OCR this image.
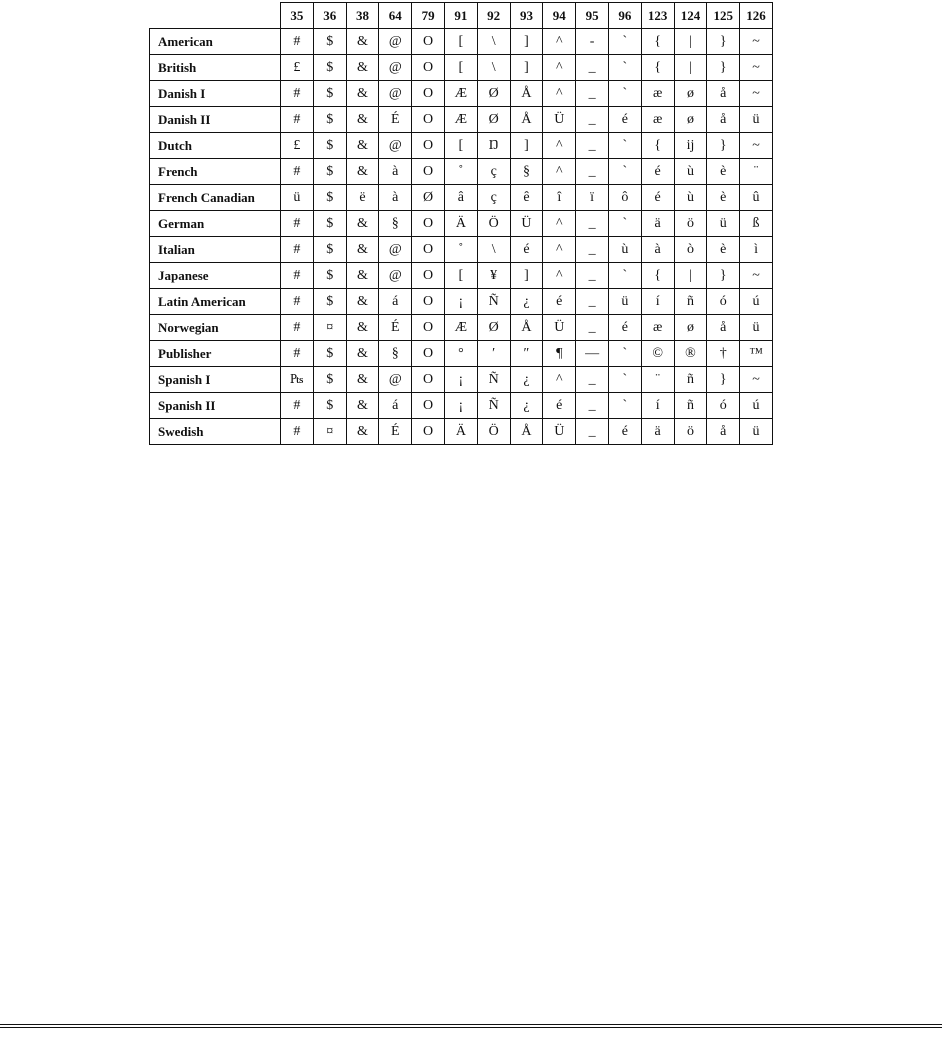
	35	36	38	64	79	91	92	93	94	95	96	123	124	125	126
American	#	$	&	@	O	[	\	]	^	-	`	{	|	}	~
British	£	$	&	@	O	[	\	]	^	_	`	{	|	}	~
Danish I	#	$	&	@	O	Æ	Ø	Å	^	_	`	æ	ø	å	~
Danish II	#	$	&	É	O	Æ	Ø	Å	Ü	_	é	æ	ø	å	ü
Dutch	£	$	&	@	O	[	Ŋ	]	^	_	`	{	ĳ	}	~
French	#	$	&	à	O	˚	ç	§	^	_	`	é	ù	è	¨
French Canadian	ü	$	ë	à	Ø	â	ç	ê	î	ï	ô	é	ù	è	û
German	#	$	&	§	O	Ä	Ö	Ü	^	_	`	ä	ö	ü	ß
Italian	#	$	&	@	O	˚	\	é	^	_	ù	à	ò	è	ì
Japanese	#	$	&	@	O	[	¥	]	^	_	`	{	|	}	~
Latin American	#	$	&	á	O	¡	Ñ	¿	é	_	ü	í	ñ	ó	ú
Norwegian	#	¤	&	É	O	Æ	Ø	Å	Ü	_	é	æ	ø	å	ü
Publisher	#	$	&	§	O	°	′	″	¶	—	`	©	®	†	™
Spanish I	₧	$	&	@	O	¡	Ñ	¿	^	_	`	¨	ñ	}	~
Spanish II	#	$	&	á	O	¡	Ñ	¿	é	_	`	í	ñ	ó	ú
Swedish	#	¤	&	É	O	Ä	Ö	Å	Ü	_	é	ä	ö	å	ü
